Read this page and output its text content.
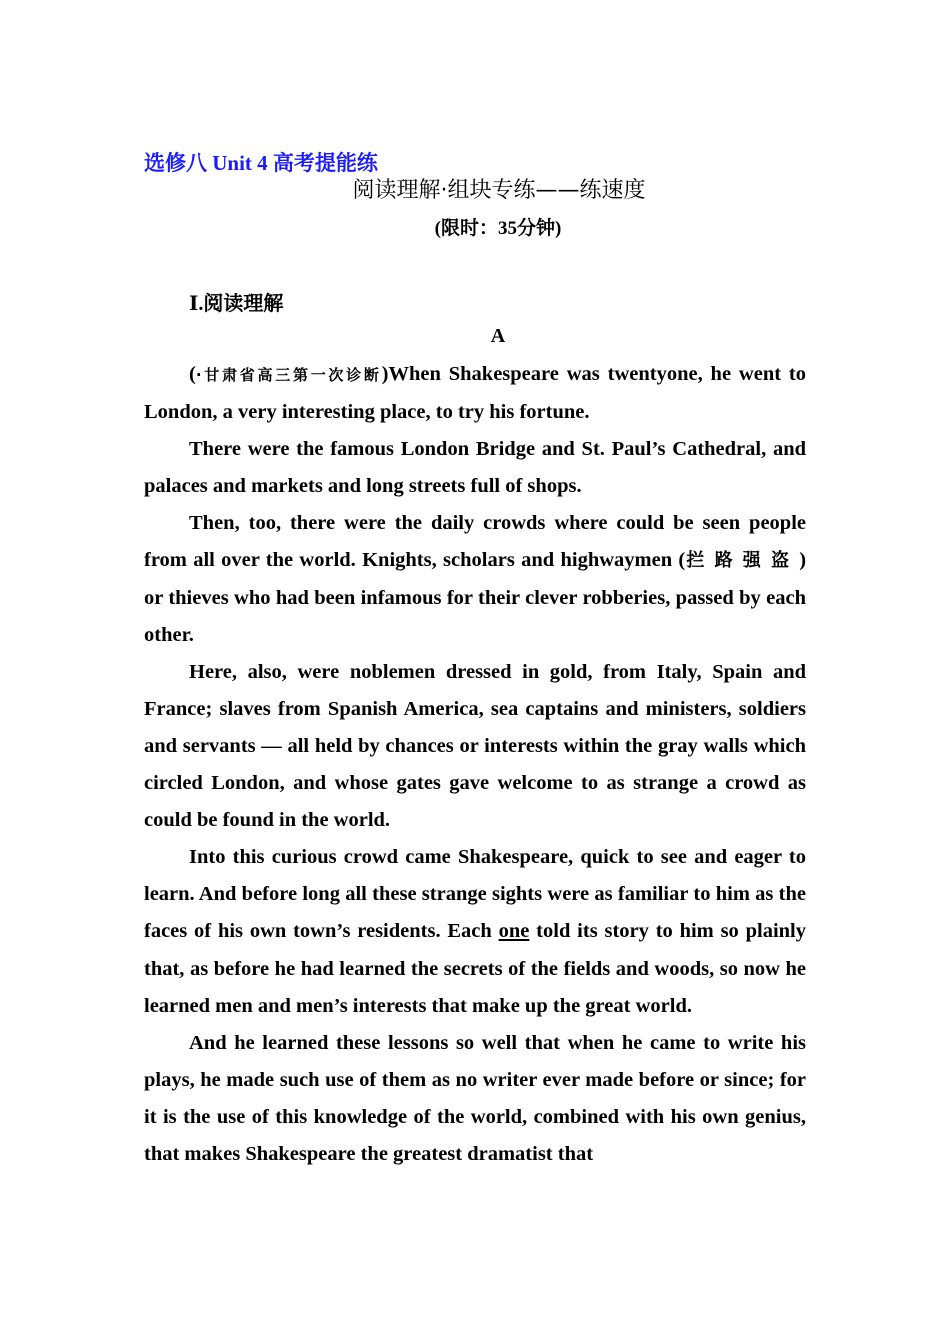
选修八 Unit 4 高考提能练
阅读理解·组块专练——练速度
(限时：35分钟)
Ⅰ.阅读理解
A

(·甘肃省高三第一次诊断)When Shakespeare was twentyone, he went to London, a very interesting place, to try his fortune.

There were the famous London Bridge and St. Paul’s Cathedral, and palaces and markets and long streets full of shops.

Then, too, there were the daily crowds where could be seen people from all over the world. Knights, scholars and highwaymen (拦路强盗) or thieves who had been infamous for their clever robberies, passed by each other.

Here, also, were noblemen dressed in gold, from Italy, Spain and France; slaves from Spanish America, sea captains and ministers, soldiers and servants — all held by chances or interests within the gray walls which circled London, and whose gates gave welcome to as strange a crowd as could be found in the world.

Into this curious crowd came Shakespeare, quick to see and eager to learn. And before long all these strange sights were as familiar to him as the faces of his own town’s residents. Each one told its story to him so plainly that, as before he had learned the secrets of the fields and woods, so now he learned men and men’s interests that make up the great world.

And he learned these lessons so well that when he came to write his plays, he made such use of them as no writer ever made before or since; for it is the use of this knowledge of the world, combined with his own genius, that makes Shakespeare the greatest dramatist that
